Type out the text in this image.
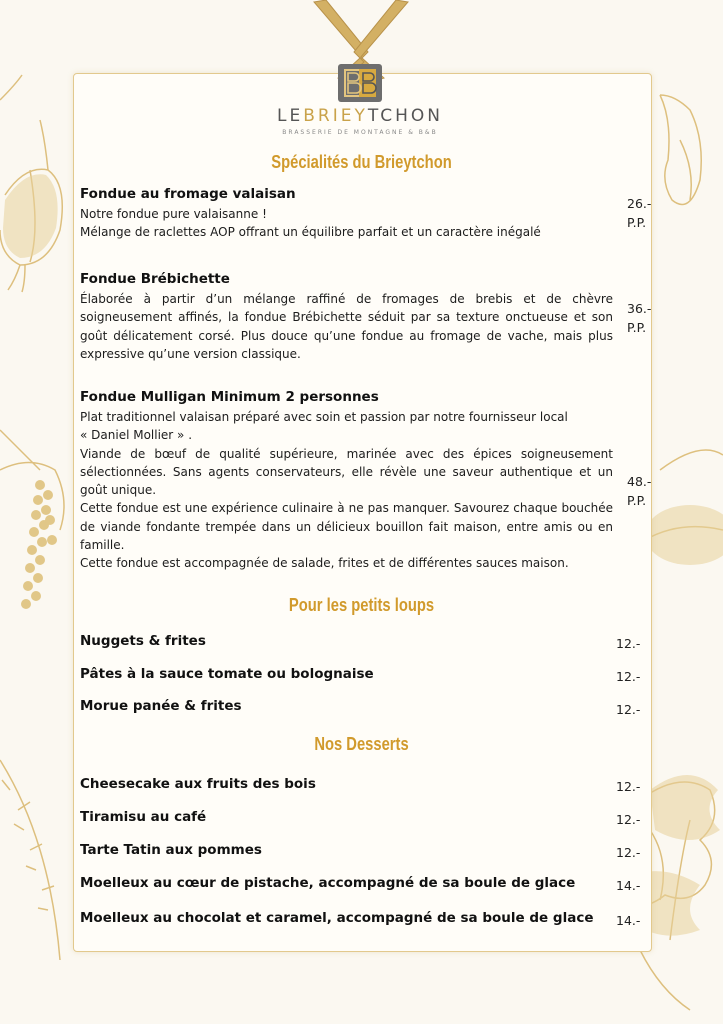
LEBRIEYTCHON
BRASSERIE DE MONTAGNE & B&B
Spécialités du Brieytchon
Fondue au fromage valaisan
Notre fondue pure valaisanne !
Mélange de raclettes AOP offrant un équilibre parfait et un caractère inégalé
26.-
P.P.
Fondue Brébichette
Élaborée à partir d’un mélange raffiné de fromages de brebis et de chèvre soigneusement affinés, la fondue Brébichette séduit par sa texture onctueuse et son goût délicatement corsé. Plus douce qu’une fondue au fromage de vache, mais plus expressive qu’une version classique.
36.-
P.P.
Fondue Mulligan Minimum 2 personnes
Plat traditionnel valaisan préparé avec soin et passion par notre fournisseur local
« Daniel Mollier » .
Viande de bœuf de qualité supérieure, marinée avec des épices soigneusement sélectionnées. Sans agents conservateurs, elle révèle une saveur authentique et un goût unique.
Cette fondue est une expérience culinaire à ne pas manquer. Savourez chaque bouchée de viande fondante trempée dans un délicieux bouillon fait maison, entre amis ou en famille.
Cette fondue est accompagnée de salade, frites et de différentes sauces maison.
48.-
P.P.
Pour les petits loups
Nuggets & frites	12.-
Pâtes à la sauce tomate ou bolognaise	12.-
Morue panée & frites	12.-
Nos Desserts
Cheesecake aux fruits des bois	12.-
Tiramisu au café	12.-
Tarte Tatin aux pommes	12.-
Moelleux au cœur de pistache, accompagné de sa boule de glace	14.-
Moelleux au chocolat et caramel, accompagné de sa boule de glace 14.-
